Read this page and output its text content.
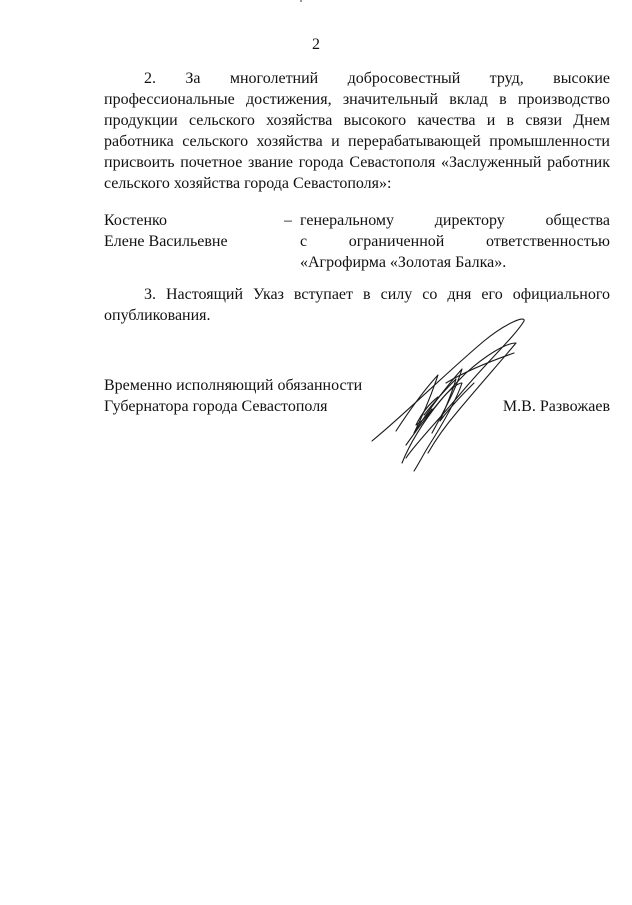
2
2. За многолетний добросовестный труд, высокие профессиональные достижения, значительный вклад в производство продукции сельского хозяйства высокого качества и в связи Днем работника сельского хозяйства и перерабатывающей промышленности присвоить почетное звание города Севастополя «Заслуженный работник сельского хозяйства города Севастополя»:
Костенко
Елене Васильевне
– генеральному директору общества
с ограниченной ответственностью
«Агрофирма «Золотая Балка».
3. Настоящий Указ вступает в силу со дня его официального опубликования.
Временно исполняющий обязанности
Губернатора города Севастополя	М.В. Развожаев
